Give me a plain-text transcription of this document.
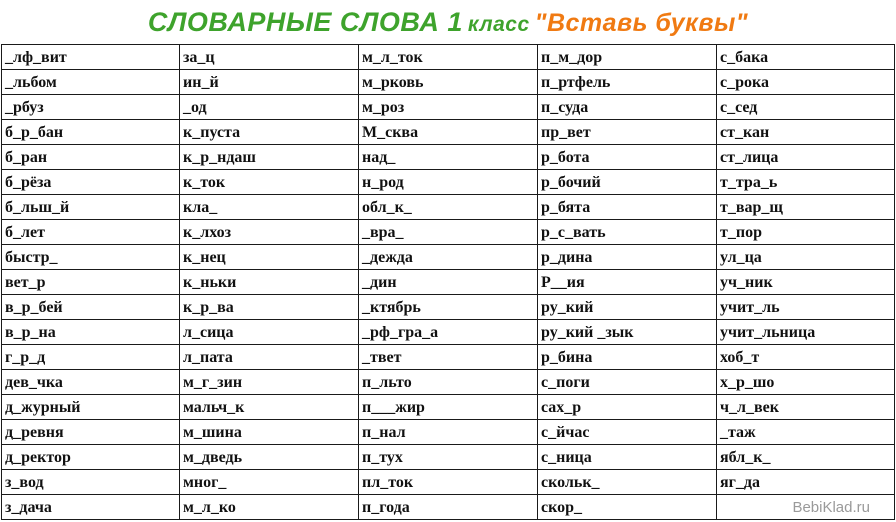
СЛОВАРНЫЕ СЛОВА 1 класс "Вставь буквы"
_лф_вит	за_ц	м_л_ток	п_м_дор	с_бака
_льбом	ин_й	м_рковь	п_ртфель	с_рока
_рбуз	_од	м_роз	п_суда	с_сед
б_р_бан	к_пуста	М_сква	пр_вет	ст_кан
б_ран	к_р_ндаш	над_	р_бота	ст_лица
б_рёза	к_ток	н_род	р_бочий	т_тра_ь
б_льш_й	кла_	обл_к_	р_бята	т_вар_щ
б_лет	к_лхоз	_вра_	р_с_вать	т_пор
быстр_	к_нец	_дежда	р_дина	ул_ца
вет_р	к_ньки	_дин	Р__ия	уч_ник
в_р_бей	к_р_ва	_ктябрь	ру_кий	учит_ль
в_р_на	л_сица	_рф_гра_а	ру_кий _зык	учит_льница
г_р_д	л_пата	_твет	р_бина	хоб_т
дев_чка	м_г_зин	п_льто	с_поги	х_р_шо
д_журный	мальч_к	п___жир	сах_р	ч_л_век
д_ревня	м_шина	п_нал	с_йчас	_таж
д_ректор	м_дведь	п_тух	с_ница	ябл_к_
з_вод	мног_	пл_ток	скольк_	яг_да
з_дача	м_л_ко	п_года	скор_		BebiKlad.ru
